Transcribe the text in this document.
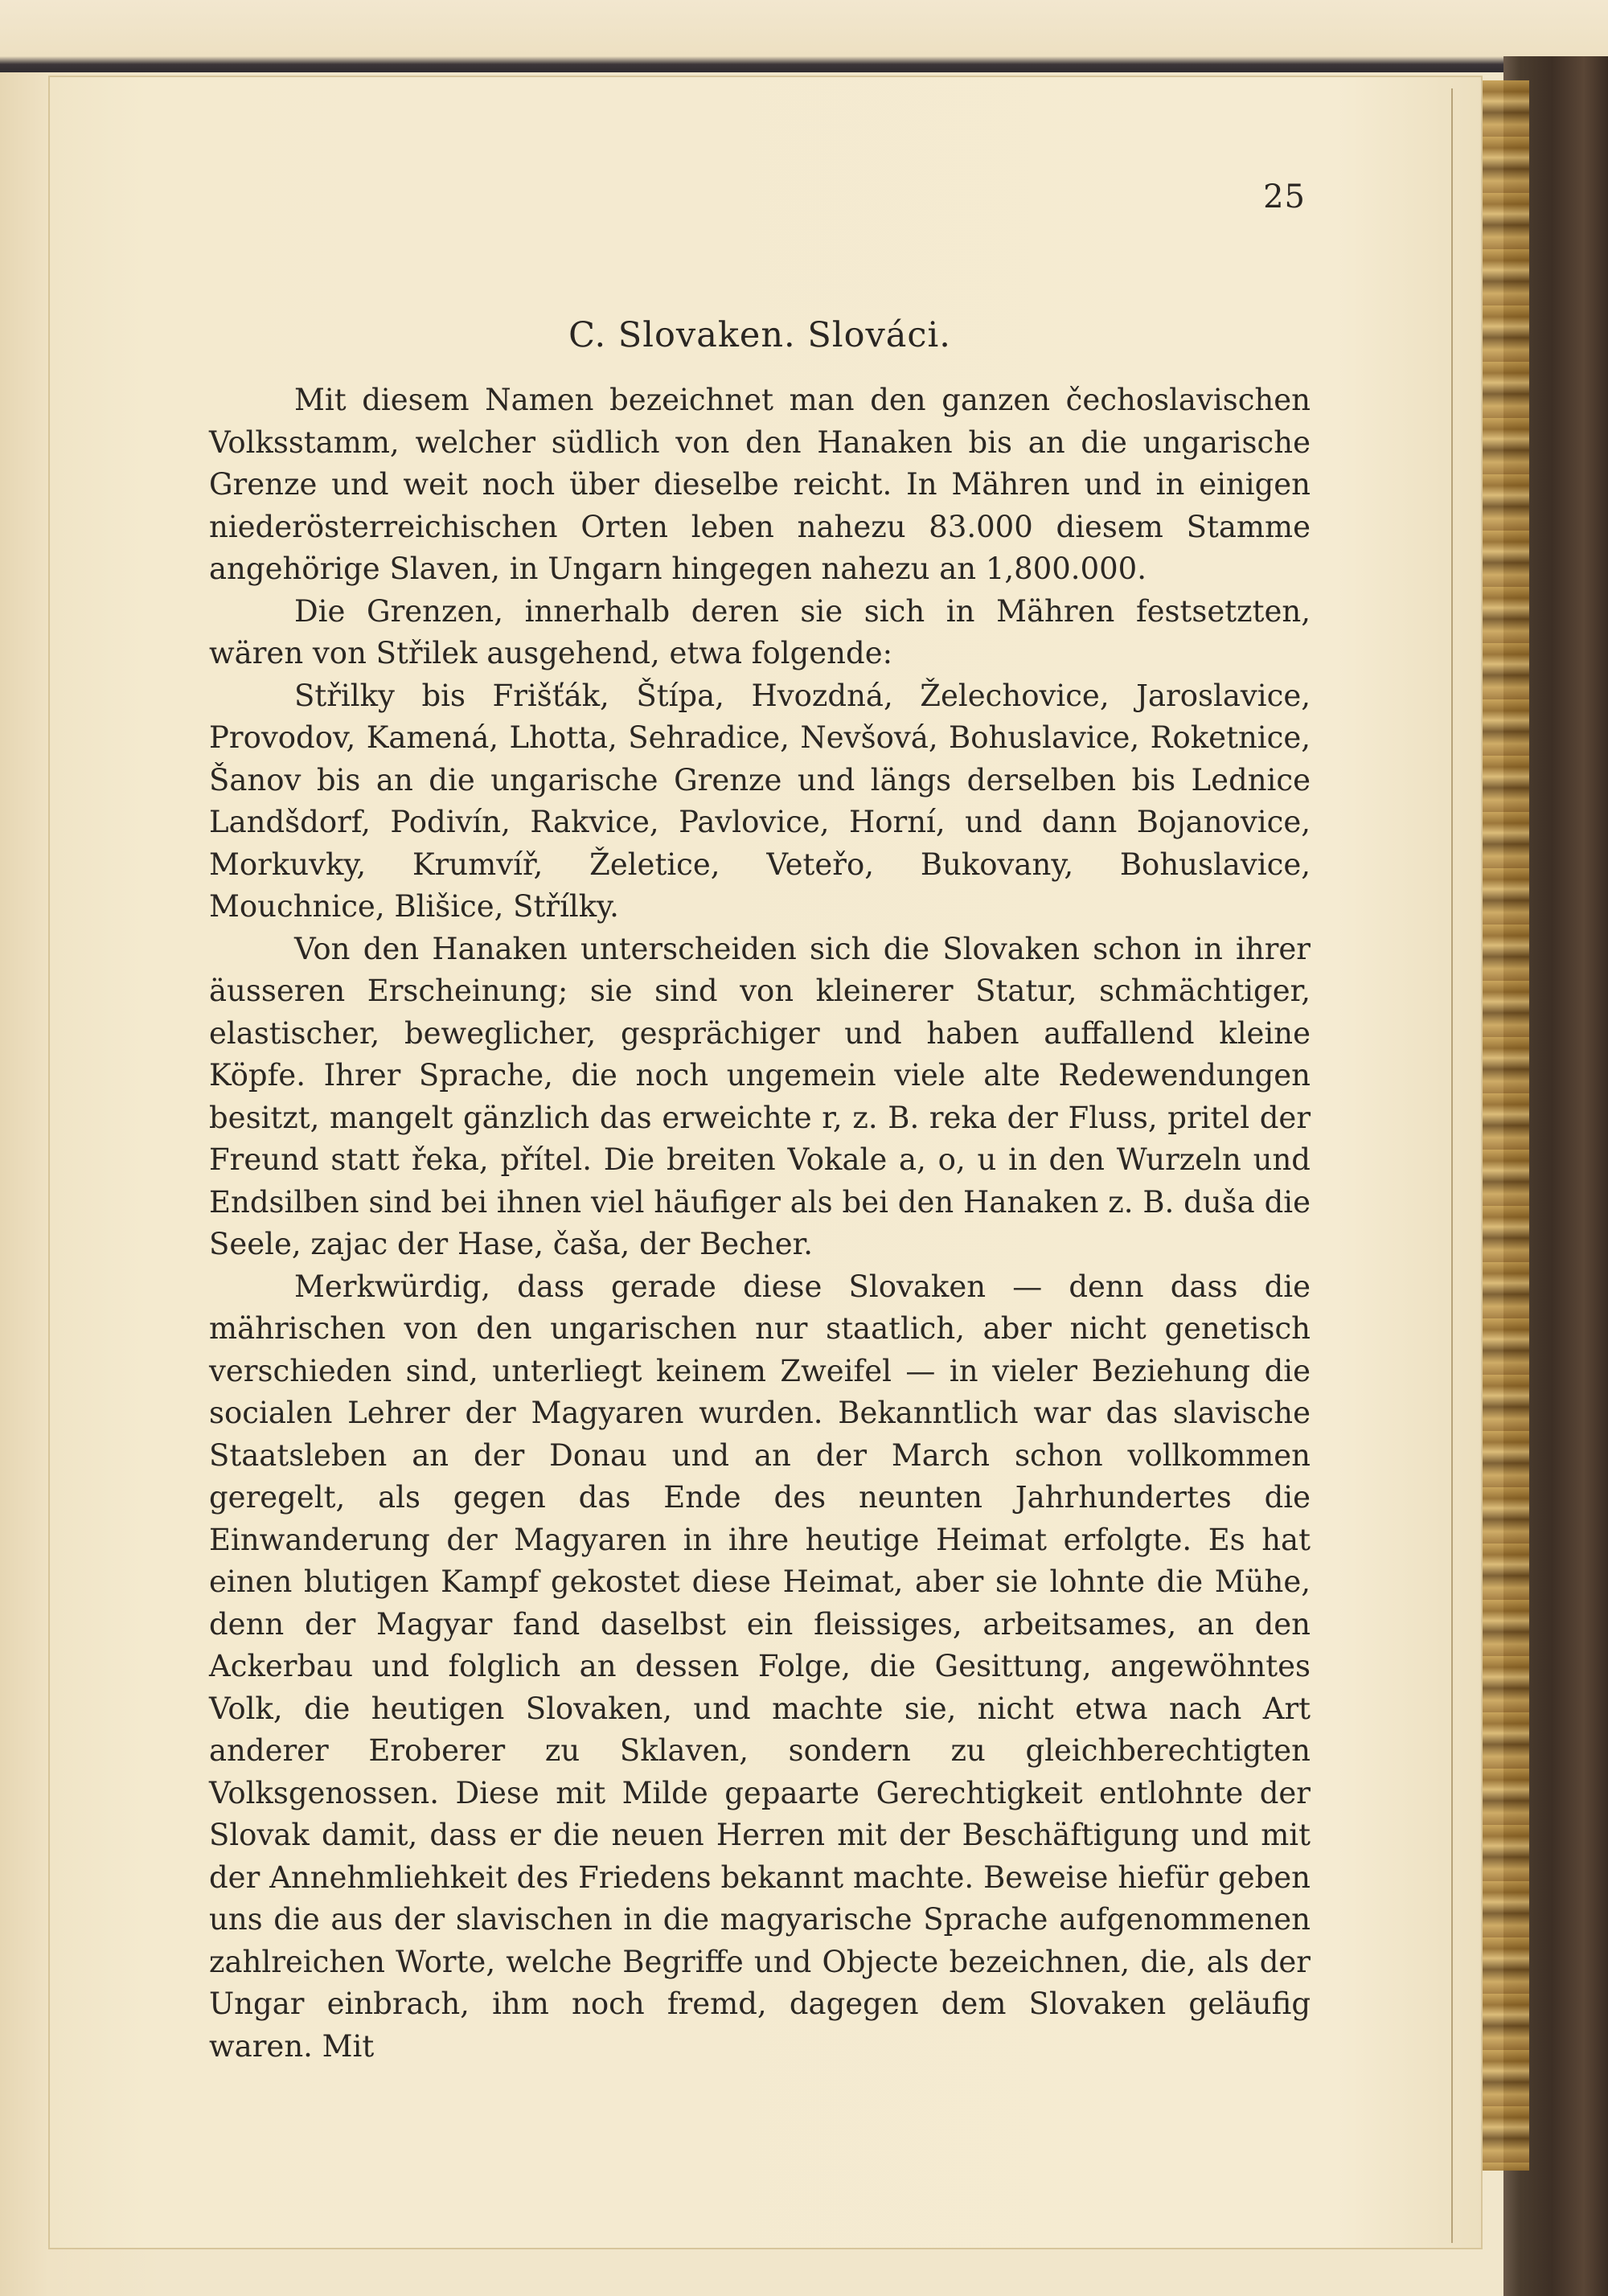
25
C. Slovaken. Slováci.

Mit diesem Namen bezeichnet man den ganzen čechoslavischen Volksstamm, welcher südlich von den Hanaken bis an die ungarische Grenze und weit noch über dieselbe reicht. In Mähren und in einigen niederösterreichischen Orten leben nahezu 83.000 diesem Stamme angehörige Slaven, in Ungarn hingegen nahezu an 1,800.000.

Die Grenzen, innerhalb deren sie sich in Mähren festsetzten, wären von Střilek ausgehend, etwa folgende:

Střilky bis Frišťák, Štípa, Hvozdná, Želechovice, Jaroslavice, Provodov, Kamená, Lhotta, Sehradice, Nevšová, Bohuslavice, Roketnice, Šanov bis an die ungarische Grenze und längs derselben bis Lednice Landšdorf, Podivín, Rakvice, Pavlovice, Horní, und dann Bojanovice, Morkuvky, Krumvíř, Želetice, Veteřo, Bukovany, Bohuslavice, Mouchnice, Blišice, Střílky.

Von den Hanaken unterscheiden sich die Slovaken schon in ihrer äusseren Erscheinung; sie sind von kleinerer Statur, schmächtiger, elastischer, beweglicher, gesprächiger und haben auffallend kleine Köpfe. Ihrer Sprache, die noch ungemein viele alte Redewendungen besitzt, mangelt gänzlich das erweichte r, z. B. reka der Fluss, pritel der Freund statt řeka, přítel. Die breiten Vokale a, o, u in den Wurzeln und Endsilben sind bei ihnen viel häufiger als bei den Hanaken z. B. duša die Seele, zajac der Hase, čaša, der Becher.

Merkwürdig, dass gerade diese Slovaken — denn dass die mährischen von den ungarischen nur staatlich, aber nicht genetisch verschieden sind, unterliegt keinem Zweifel — in vieler Beziehung die socialen Lehrer der Magyaren wurden. Bekanntlich war das slavische Staatsleben an der Donau und an der March schon vollkommen geregelt, als gegen das Ende des neunten Jahrhundertes die Einwanderung der Magyaren in ihre heutige Heimat erfolgte. Es hat einen blutigen Kampf gekostet diese Heimat, aber sie lohnte die Mühe, denn der Magyar fand daselbst ein fleissiges, arbeitsames, an den Ackerbau und folglich an dessen Folge, die Gesittung, angewöhntes Volk, die heutigen Slovaken, und machte sie, nicht etwa nach Art anderer Eroberer zu Sklaven, sondern zu gleichberechtigten Volksgenossen. Diese mit Milde gepaarte Gerechtigkeit entlohnte der Slovak damit, dass er die neuen Herren mit der Beschäftigung und mit der Annehmliehkeit des Friedens bekannt machte. Beweise hiefür geben uns die aus der slavischen in die magyarische Sprache aufgenommenen zahlreichen Worte, welche Begriffe und Objecte bezeichnen, die, als der Ungar einbrach, ihm noch fremd, dagegen dem Slovaken geläufig waren. Mit
